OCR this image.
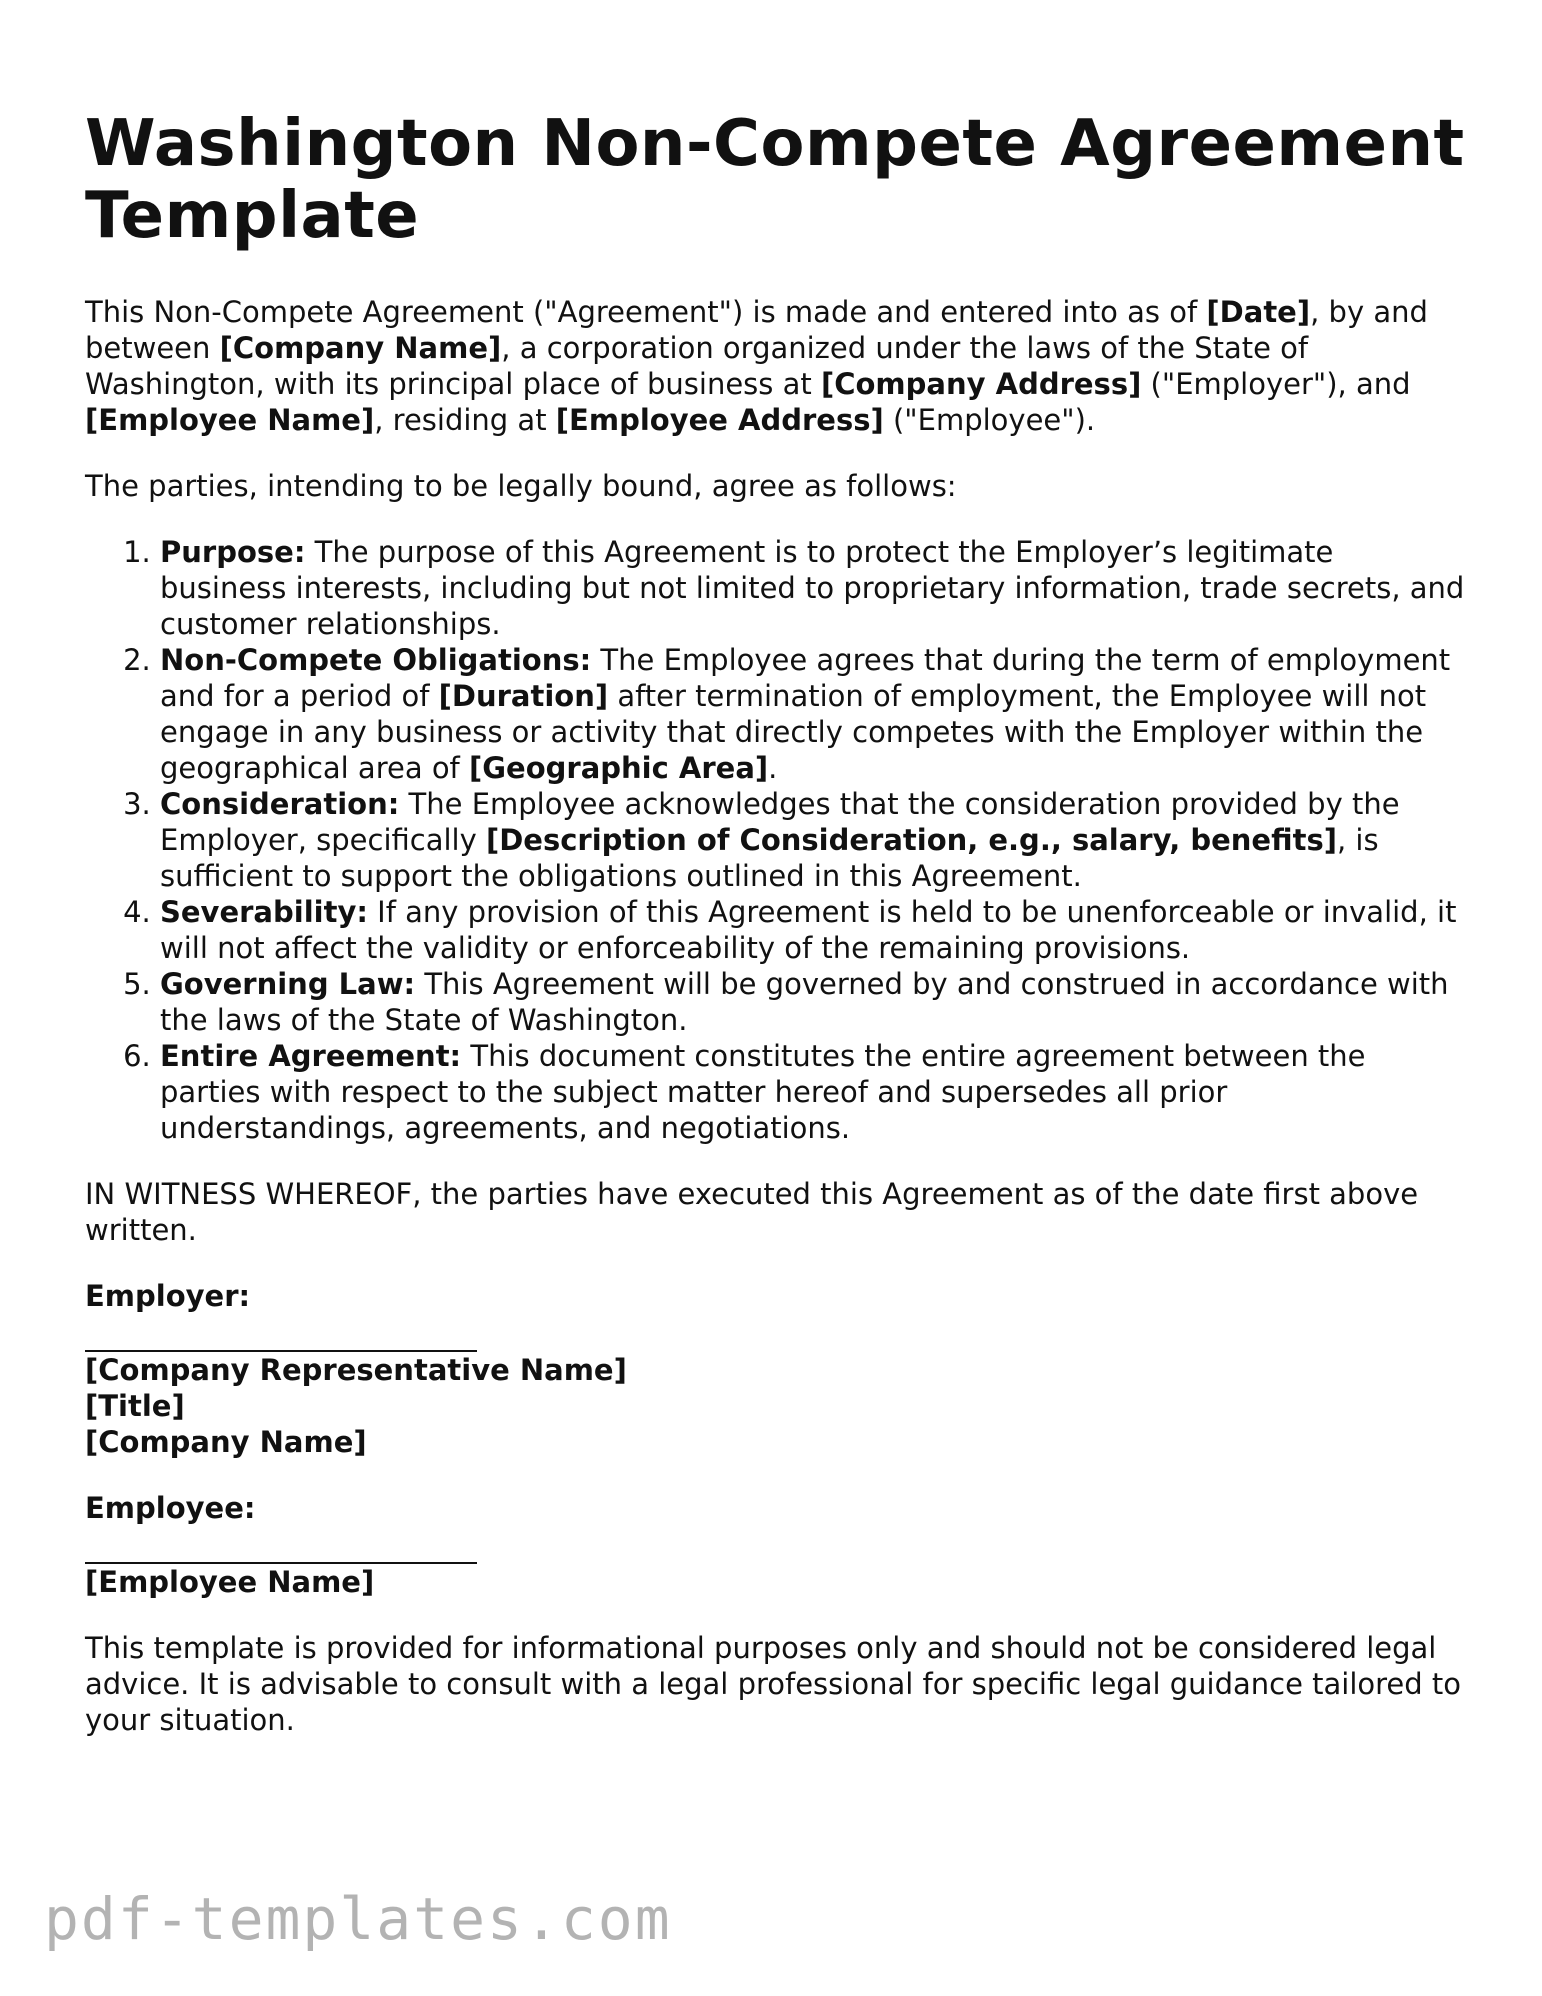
Washington Non-Compete Agreement Template

This Non-Compete Agreement ("Agreement") is made and entered into as of [Date], by and between [Company Name], a corporation organized under the laws of the State of Washington, with its principal place of business at [Company Address] ("Employer"), and [Employee Name], residing at [Employee Address] ("Employee").

The parties, intending to be legally bound, agree as follows:

1. Purpose: The purpose of this Agreement is to protect the Employer’s legitimate business interests, including but not limited to proprietary information, trade secrets, and customer relationships.
2. Non-Compete Obligations: The Employee agrees that during the term of employment and for a period of [Duration] after termination of employment, the Employee will not engage in any business or activity that directly competes with the Employer within the geographical area of [Geographic Area].
3. Consideration: The Employee acknowledges that the consideration provided by the Employer, specifically [Description of Consideration, e.g., salary, benefits], is sufficient to support the obligations outlined in this Agreement.
4. Severability: If any provision of this Agreement is held to be unenforceable or invalid, it will not affect the validity or enforceability of the remaining provisions.
5. Governing Law: This Agreement will be governed by and construed in accordance with the laws of the State of Washington.
6. Entire Agreement: This document constitutes the entire agreement between the parties with respect to the subject matter hereof and supersedes all prior understandings, agreements, and negotiations.

IN WITNESS WHEREOF, the parties have executed this Agreement as of the date first above written.

Employer:

[Company Representative Name]
[Title]
[Company Name]

Employee:

[Employee Name]

This template is provided for informational purposes only and should not be considered legal advice. It is advisable to consult with a legal professional for specific legal guidance tailored to your situation.

pdf-templates.com
